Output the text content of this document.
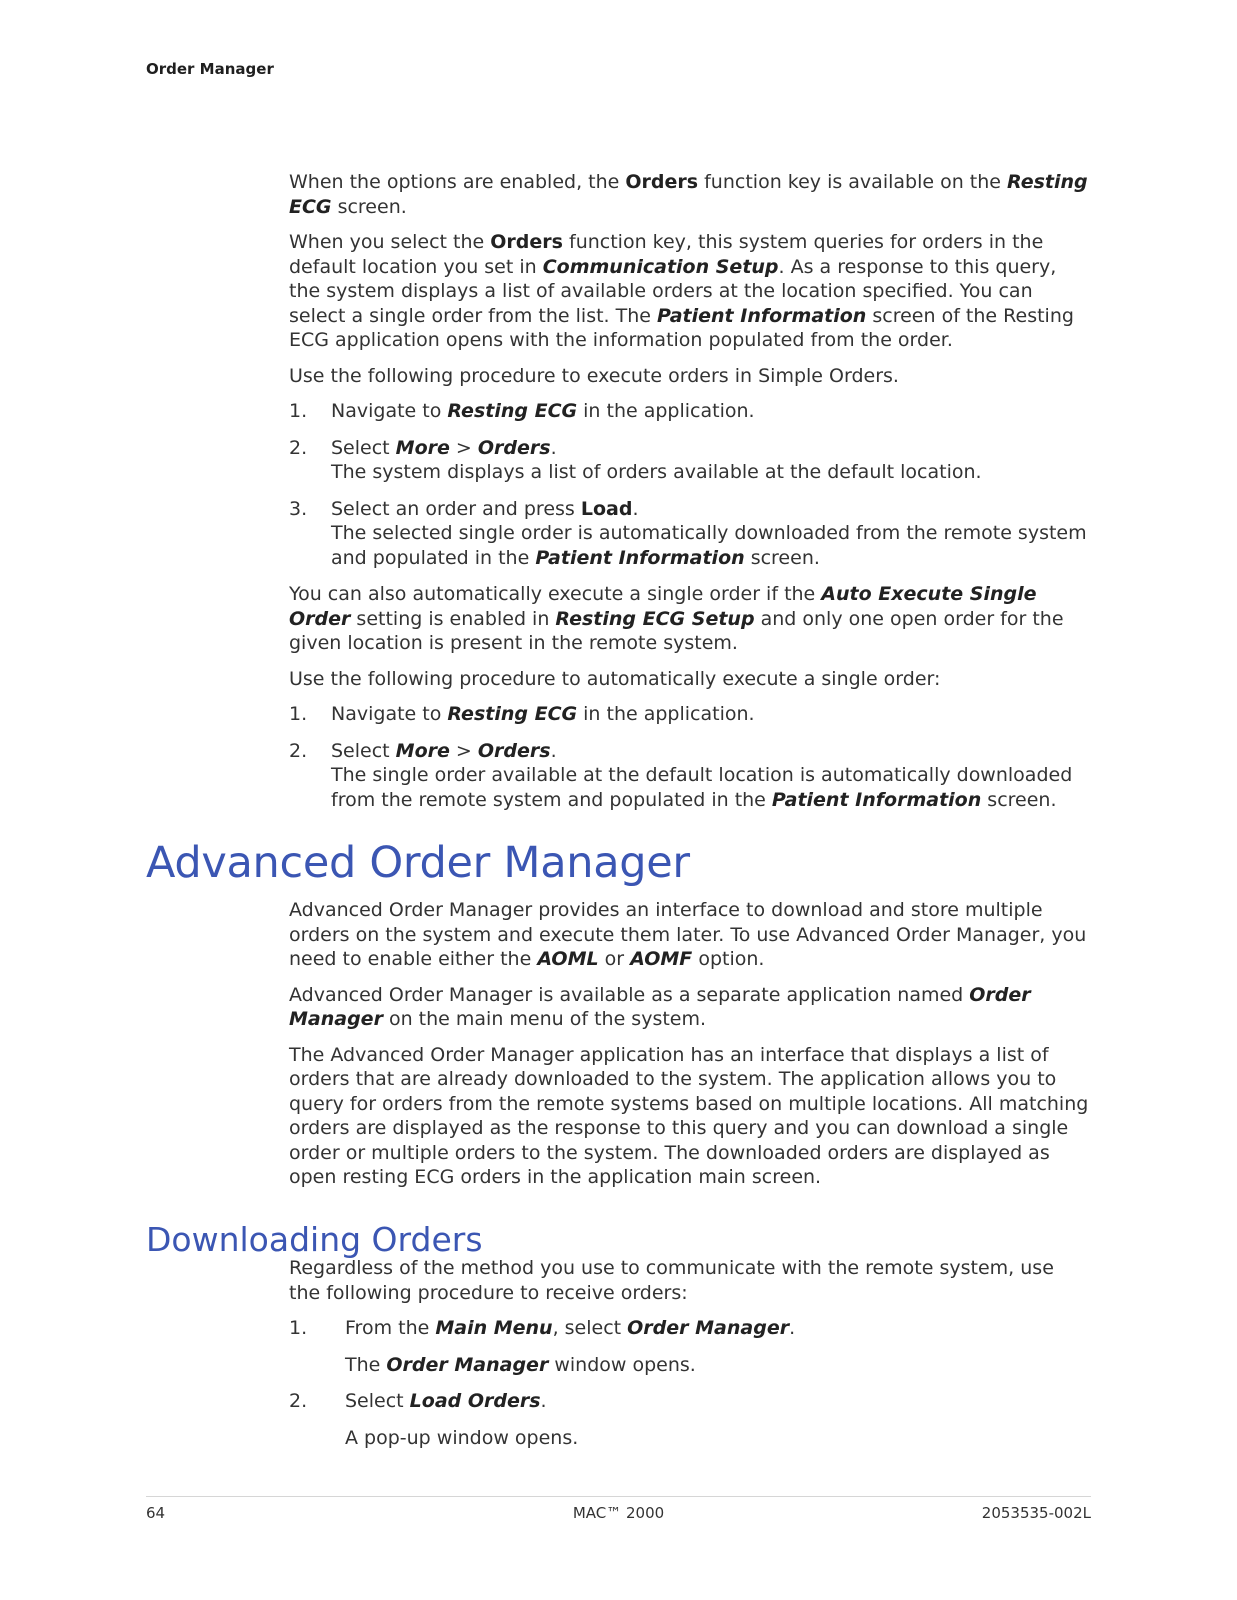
Order Manager

When the options are enabled, the Orders function key is available on the Resting ECG screen.

When you select the Orders function key, this system queries for orders in the default location you set in Communication Setup. As a response to this query, the system displays a list of available orders at the location specified. You can select a single order from the list. The Patient Information screen of the Resting ECG application opens with the information populated from the order.

Use the following procedure to execute orders in Simple Orders.

1. Navigate to Resting ECG in the application.
2. Select More > Orders.
The system displays a list of orders available at the default location.
3. Select an order and press Load.
The selected single order is automatically downloaded from the remote system and populated in the Patient Information screen.

You can also automatically execute a single order if the Auto Execute Single Order setting is enabled in Resting ECG Setup and only one open order for the given location is present in the remote system.

Use the following procedure to automatically execute a single order:

1. Navigate to Resting ECG in the application.
2. Select More > Orders.
The single order available at the default location is automatically downloaded from the remote system and populated in the Patient Information screen.
Advanced Order Manager

Advanced Order Manager provides an interface to download and store multiple orders on the system and execute them later. To use Advanced Order Manager, you need to enable either the AOML or AOMF option.

Advanced Order Manager is available as a separate application named Order Manager on the main menu of the system.

The Advanced Order Manager application has an interface that displays a list of orders that are already downloaded to the system. The application allows you to query for orders from the remote systems based on multiple locations. All matching orders are displayed as the response to this query and you can download a single order or multiple orders to the system. The downloaded orders are displayed as open resting ECG orders in the application main screen.

Downloading Orders

Regardless of the method you use to communicate with the remote system, use the following procedure to receive orders:

1. From the Main Menu, select Order Manager.
The Order Manager window opens.
2. Select Load Orders.
A pop-up window opens.
64	MAC™ 2000	2053535-002L
